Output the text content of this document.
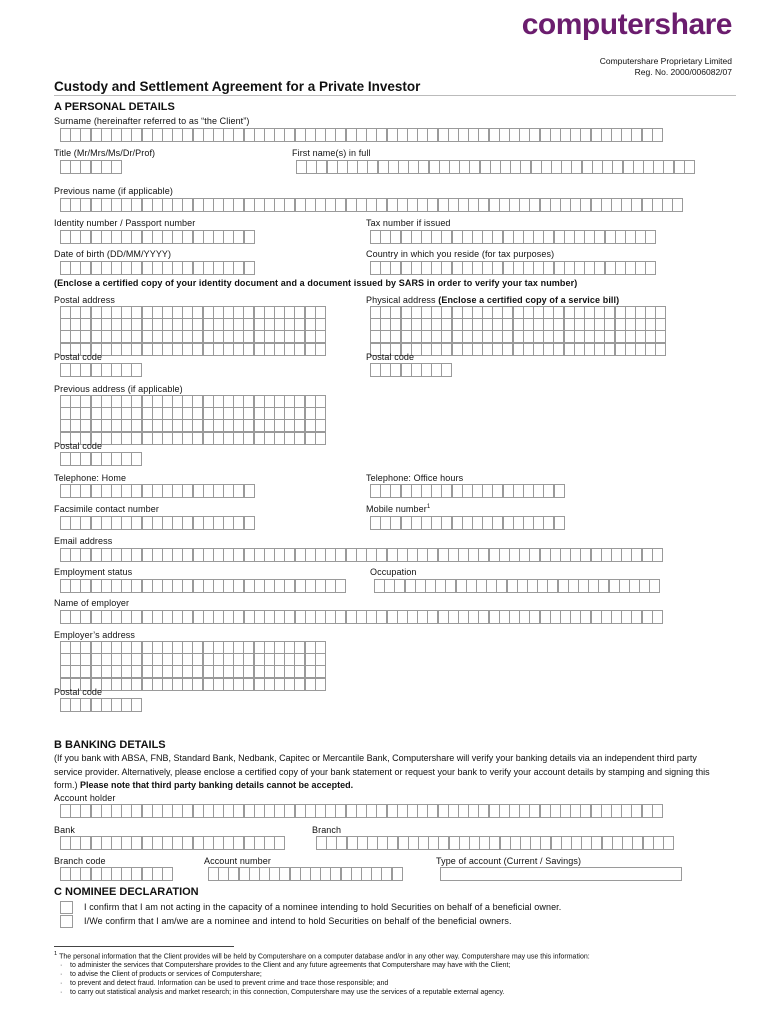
computershare
Computershare Proprietary Limited
Reg. No. 2000/006082/07
Custody and Settlement Agreement for a Private Investor
A PERSONAL DETAILS
Surname (hereinafter referred to as “the Client”)
Title (Mr/Mrs/Ms/Dr/Prof)	First name(s) in full
Previous name (if applicable)
Identity number / Passport number	Tax number if issued
Date of birth (DD/MM/YYYY)	Country in which you reside (for tax purposes)
(Enclose a certified copy of your identity document and a document issued by SARS in order to verify your tax number)
Postal address	Physical address (Enclose a certified copy of a service bill)
Postal code	Postal code
Previous address (if applicable)
Postal code
Telephone: Home	Telephone: Office hours
Facsimile contact number	Mobile number$^1$
Email address
Employment status	Occupation
Name of employer
Employer’s address
Postal code
B BANKING DETAILS
(If you bank with ABSA, FNB, Standard Bank, Nedbank, Capitec or Mercantile Bank, Computershare will verify your banking details via an independent third party service provider. Alternatively, please enclose a certified copy of your bank statement or request your bank to verify your account details by stamping and signing this form.) Please note that third party banking details cannot be accepted.
Account holder
Bank	Branch
Branch code	Account number	Type of account (Current / Savings)
C NOMINEE DECLARATION
I confirm that I am not acting in the capacity of a nominee intending to hold Securities on behalf of a beneficial owner.
I/We confirm that I am/we are a nominee and intend to hold Securities on behalf of the beneficial owners.
$^1$ The personal information that the Client provides will be held by Computershare on a computer database and/or in any other way. Computershare may use this information:
· to administer the services that Computershare provides to the Client and any future agreements that Computershare may have with the Client;
· to advise the Client of products or services of Computershare;
· to prevent and detect fraud. Information can be used to prevent crime and trace those responsible; and
· to carry out statistical analysis and market research; in this connection, Computershare may use the services of a reputable external agency.
